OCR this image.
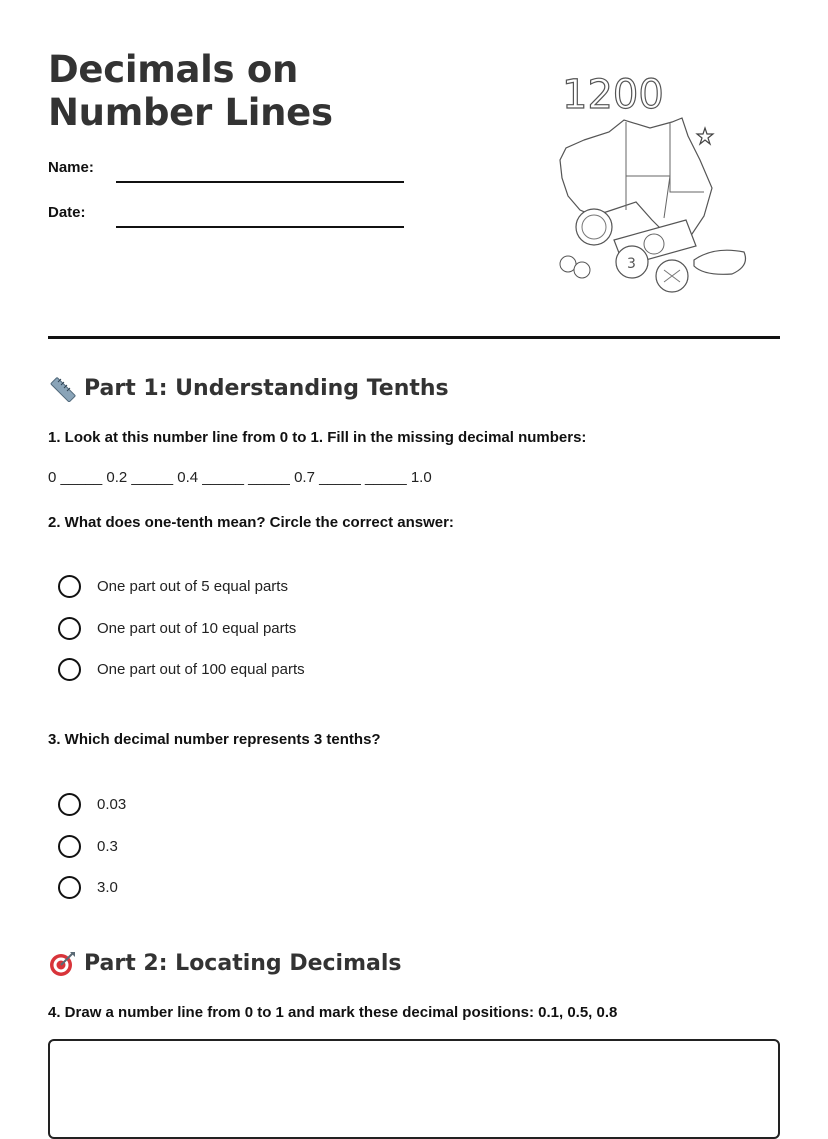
Decimals on Number Lines
Name:
Date:
1200
3
Part 1: Understanding Tenths

1. Look at this number line from 0 to 1. Fill in the missing decimal numbers:

0 _____ 0.2 _____ 0.4 _____ _____ 0.7 _____ _____ 1.0

2. What does one-tenth mean? Circle the correct answer:

One part out of 5 equal parts
One part out of 10 equal parts
One part out of 100 equal parts

3. Which decimal number represents 3 tenths?

0.03
0.3
3.0
Part 2: Locating Decimals

4. Draw a number line from 0 to 1 and mark these decimal positions: 0.1, 0.5, 0.8
